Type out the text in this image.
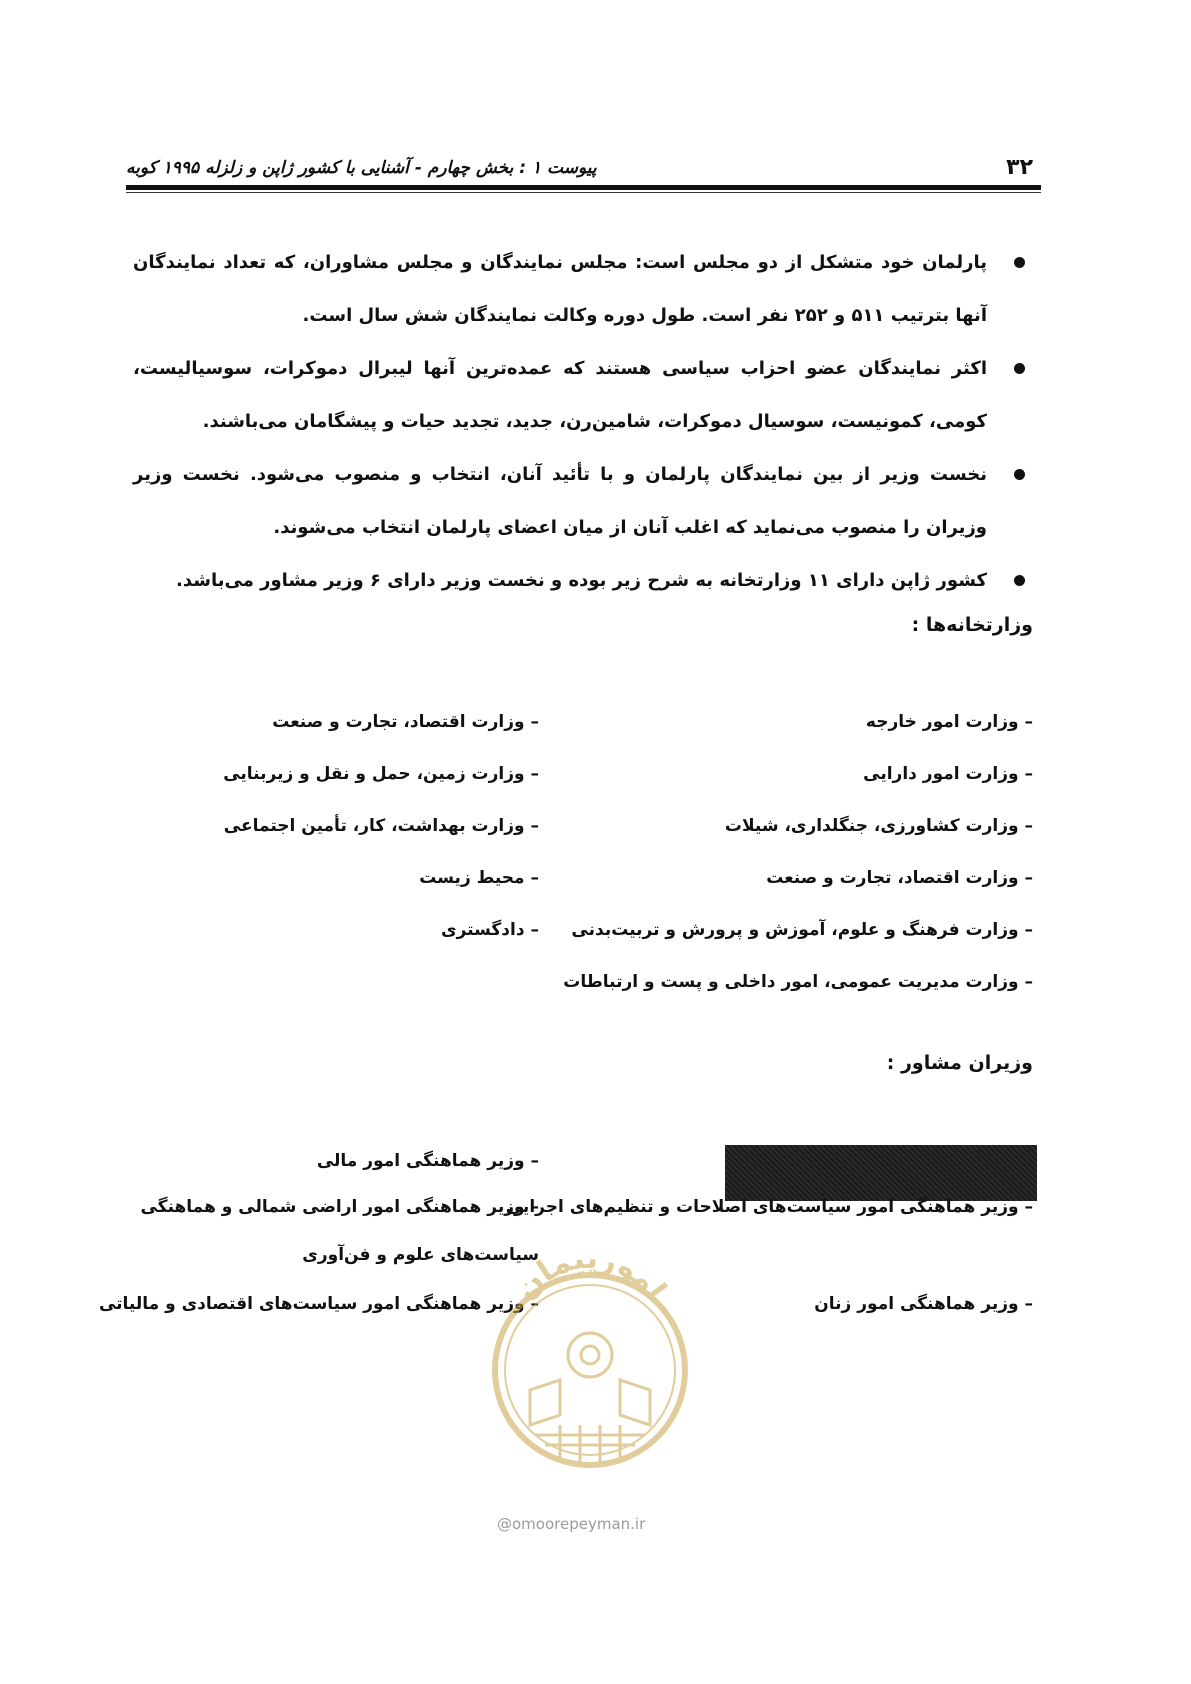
۳۲
پیوست ۱ : بخش چهارم - آشنایی با کشور ژاپن و زلزله ۱۹۹۵ کوبه
پارلمان خود متشکل از دو مجلس است: مجلس نمایندگان و مجلس مشاوران، که تعداد نمایندگان آنها بترتیب ۵۱۱ و ۲۵۲ نفر است. طول دوره وکالت نمایندگان شش سال است.
اکثر نمایندگان عضو احزاب سیاسی هستند که عمده‌ترین آنها لیبرال دموکرات، سوسیالیست، کومی، کمونیست، سوسیال دموکرات، شامین‌رن، جدید، تجدید حیات و پیشگامان می‌باشند.
نخست وزیر از بین نمایندگان پارلمان و با تأئید آنان، انتخاب و منصوب می‌شود. نخست وزیر وزیران را منصوب می‌نماید که اغلب آنان از میان اعضای پارلمان انتخاب می‌شوند.
کشور ژاپن دارای ۱۱ وزارتخانه به شرح زیر بوده و نخست وزیر دارای ۶ وزیر مشاور می‌باشد.
وزارتخانه‌ها :
– وزارت امور خارجه
– وزارت امور دارایی
– وزارت کشاورزی، جنگلداری، شیلات
– وزارت اقتصاد، تجارت و صنعت
– وزارت فرهنگ و علوم، آموزش و پرورش و تربیت‌بدنی
– وزارت مدیریت عمومی، امور داخلی و پست و ارتباطات
– وزارت اقتصاد، تجارت و صنعت
– وزارت زمین، حمل و نقل و زیربنایی
– وزارت بهداشت، کار، تأمین اجتماعی
– محیط زیست
– دادگستری
وزیران مشاور :
– وزیر هماهنگی امور سیاست‌های اصلاحات و تنظیم‌های اجرایی
– وزیر هماهنگی امور زنان
– وزیر هماهنگی امور مالی
– وزیر هماهنگی امور اراضی شمالی و هماهنگی
سیاست‌های علوم و فن‌آوری
– وزیر هماهنگی امور سیاست‌های اقتصادی و مالیاتی
امورپیمان
@omoorepeyman.ir
